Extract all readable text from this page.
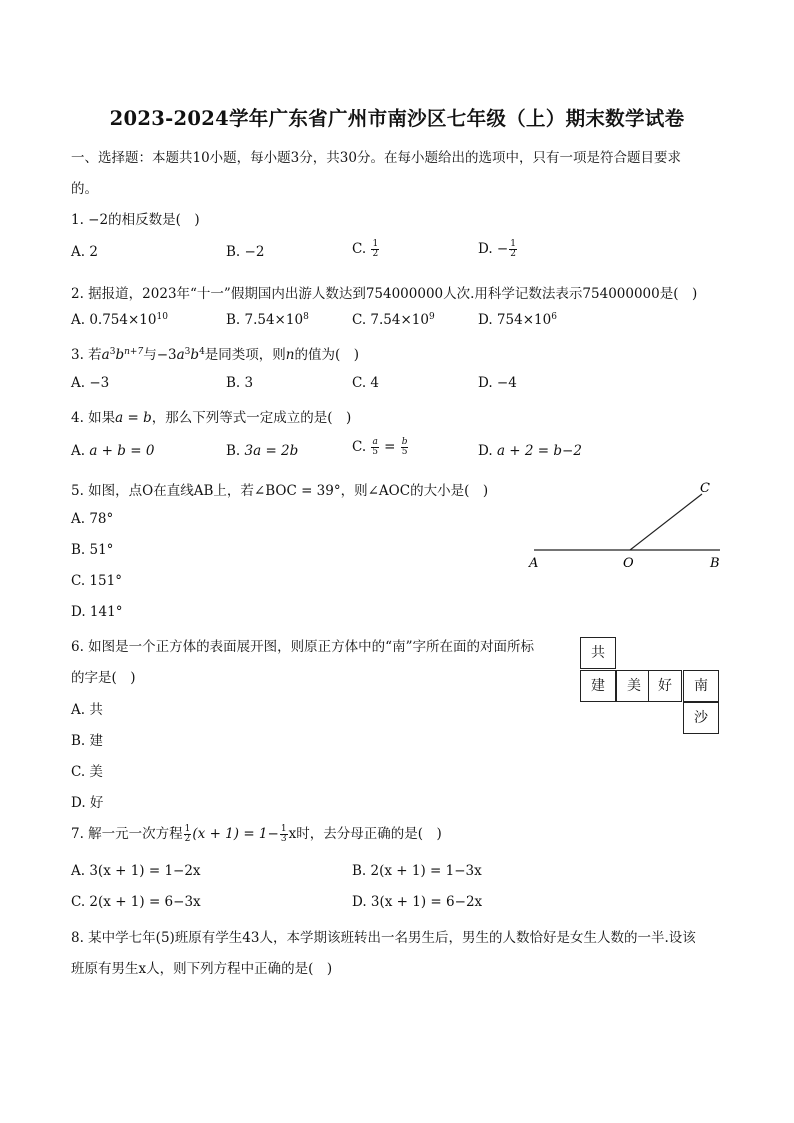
2023-2024学年广东省广州市南沙区七年级（上）期末数学试卷
一、选择题：本题共10小题，每小题3分，共30分。在每小题给出的选项中，只有一项是符合题目要求
的。
1. −2的相反数是(　)
A. 2	B. −2	C. $\frac{1}{2}$	D. − $\frac{1}{2}$
2. 据报道，2023年“十一”假期国内出游人数达到754000000人次.用科学记数法表示754000000是(　)
A. $0.754\times 10^{10}$	B. $7.54\times 10^8$	C. $7.54\times 10^9$	D. $754\times 10^6$
3. 若$a^3b^{n+7}$与$-3a^3b^4$是同类项，则n的值为(　)
A. −3	B. 3	C. 4	D. −4
4. 如果a = b，那么下列等式一定成立的是(　)
A. a + b = 0	B. 3a = 2b	C. $\frac{a}{5} = \frac{b}{5}$	D. a + 2 = b−2
5. 如图，点O在直线AB上，若∠BOC = 39°，则∠AOC的大小是(　)
A. 78°
B. 51°
C. 151°
D. 141°
A	O	B
C
6. 如图是一个正方体的表面展开图，则原正方体中的“南”字所在面的对面所标
的字是(　)
A. 共
B. 建
C. 美
D. 好
共
建	美	好	南
沙
7. 解一元一次方程 $\frac{1}{2} (x + 1) = 1- \frac{1}{3}$ x时，去分母正确的是(　)
A. 3(x + 1) = 1−2x	B. 2(x + 1) = 1−3x
C. 2(x + 1) = 6−3x	D. 3(x + 1) = 6−2x
8. 某中学七年(5)班原有学生43人，本学期该班转出一名男生后，男生的人数恰好是女生人数的一半.设该
班原有男生x人，则下列方程中正确的是(　)
